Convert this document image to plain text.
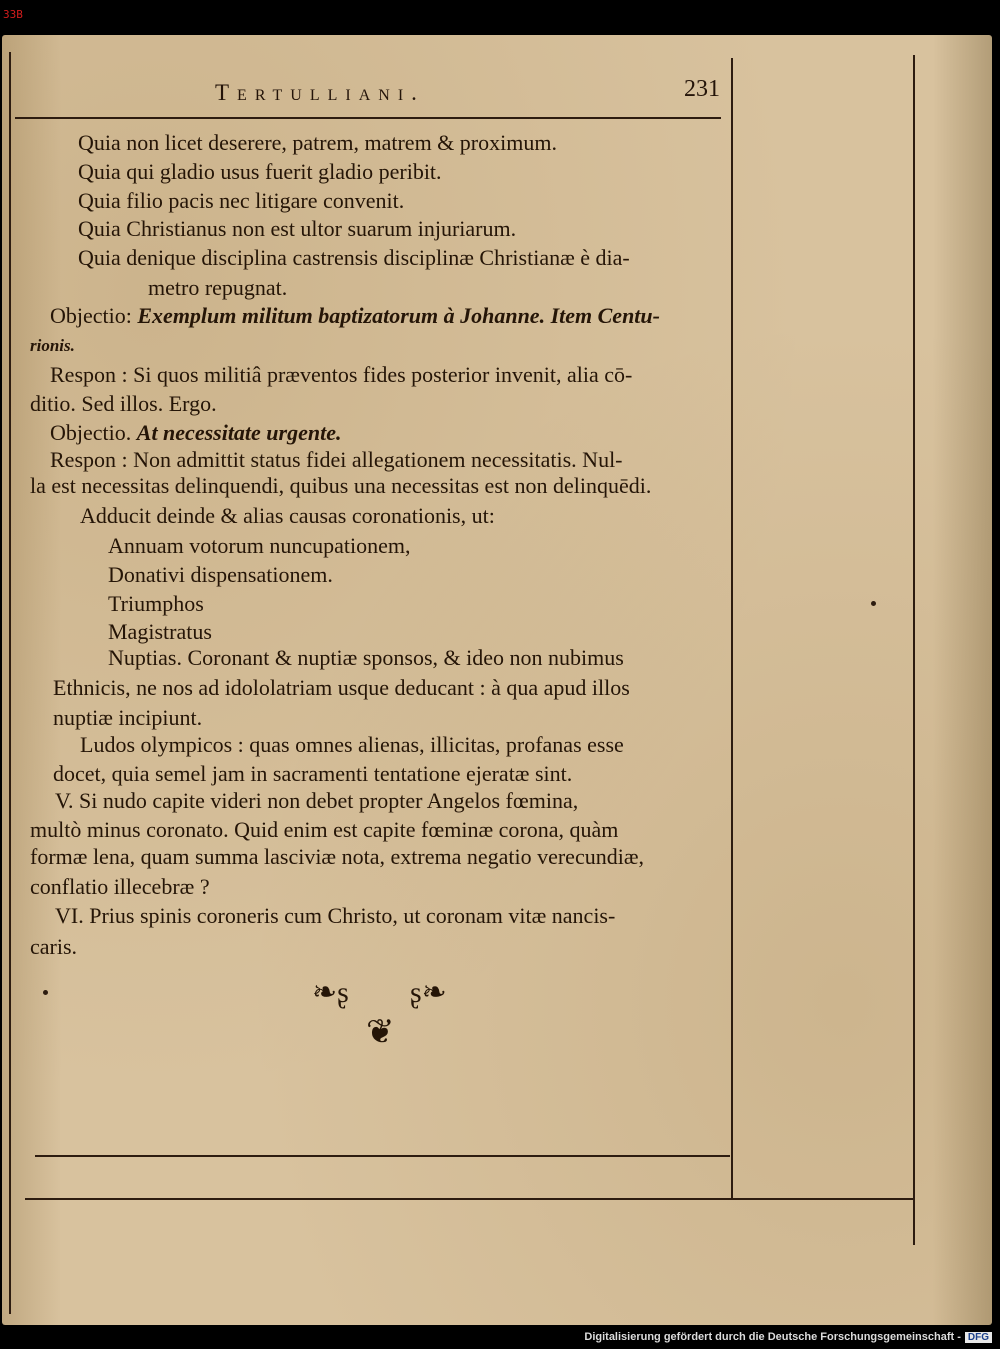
33B
Tertulliani.	231
Quia non licet deserere, patrem, matrem & proximum.
Quia qui gladio usus fuerit gladio peribit.
Quia filio pacis nec litigare convenit.
Quia Christianus non est ultor suarum injuriarum.
Quia denique disciplina castrensis disciplinæ Christianæ è dia-
metro repugnat.
Objectio: Exemplum militum baptizatorum à Johanne. Item Centu-
rionis.
Respon : Si quos militiâ præventos fides posterior invenit, alia cō-
ditio. Sed illos. Ergo.
Objectio. At necessitate urgente.
Respon : Non admittit status fidei allegationem necessitatis. Nul-
la est necessitas delinquendi, quibus una necessitas est non delinquēdi.
Adducit deinde & alias causas coronationis, ut:
Annuam votorum nuncupationem,
Donativi dispensationem.
Triumphos
Magistratus
Nuptias. Coronant & nuptiæ sponsos, & ideo non nubimus
Ethnicis, ne nos ad idololatriam usque deducant : à qua apud illos
nuptiæ incipiunt.
Ludos olympicos : quas omnes alienas, illicitas, profanas esse
docet, quia semel jam in sacramenti tentatione ejeratæ sint.
V. Si nudo capite videri non debet propter Angelos fœmina,
multò minus coronato. Quid enim est capite fœminæ corona, quàm
formæ lena, quam summa lasciviæ nota, extrema negatio verecundiæ,
conflatio illecebræ ?
VI. Prius spinis coroneris cum Christo, ut coronam vitæ nancis-
caris.
❧ʂ ʂ❧
❦
Digitalisierung gefördert durch die Deutsche Forschungsgemeinschaft - DFG
